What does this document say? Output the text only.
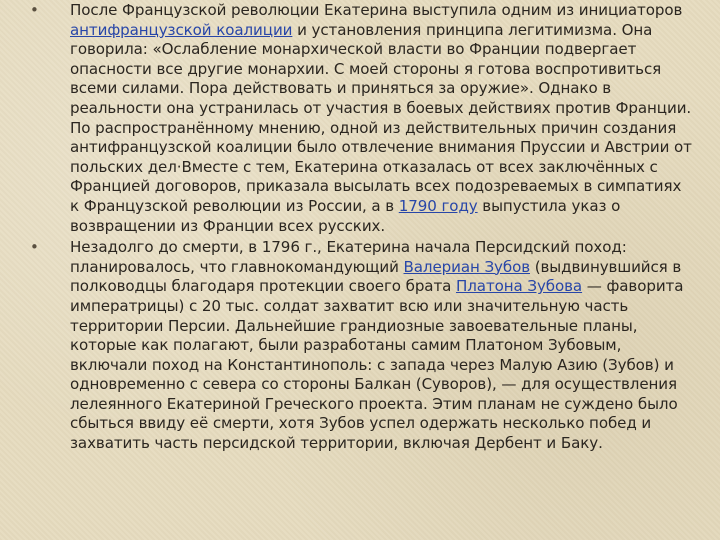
• После Французской революции Екатерина выступила одним из инициаторов антифранцузской коалиции и установления принципа легитимизма. Она говорила: «Ослабление монархической власти во Франции подвергает опасности все другие монархии. С моей стороны я готова воспротивиться всеми силами. Пора действовать и приняться за оружие». Однако в реальности она устранилась от участия в боевых действиях против Франции. По распространённому мнению, одной из действительных причин создания антифранцузской коалиции было отвлечение внимания Пруссии и Австрии от польских дел·Вместе с тем, Екатерина отказалась от всех заключённых с Францией договоров, приказала высылать всех подозреваемых в симпатиях к Французской революции из России, а в 1790 году выпустила указ о возвращении из Франции всех русских.
• Незадолго до смерти, в 1796 г., Екатерина начала Персидский поход: планировалось, что главнокомандующий Валериан Зубов (выдвинувшийся в полководцы благодаря протекции своего брата Платона Зубова — фаворита императрицы) с 20 тыс. солдат захватит всю или значительную часть территории Персии. Дальнейшие грандиозные завоевательные планы, которые как полагают, были разработаны самим Платоном Зубовым, включали поход на Константинополь: с запада через Малую Азию (Зубов) и одновременно с севера со стороны Балкан (Суворов), — для осуществления лелеянного Екатериной Греческого проекта. Этим планам не суждено было сбыться ввиду её смерти, хотя Зубов успел одержать несколько побед и захватить часть персидской территории, включая Дербент и Баку.
